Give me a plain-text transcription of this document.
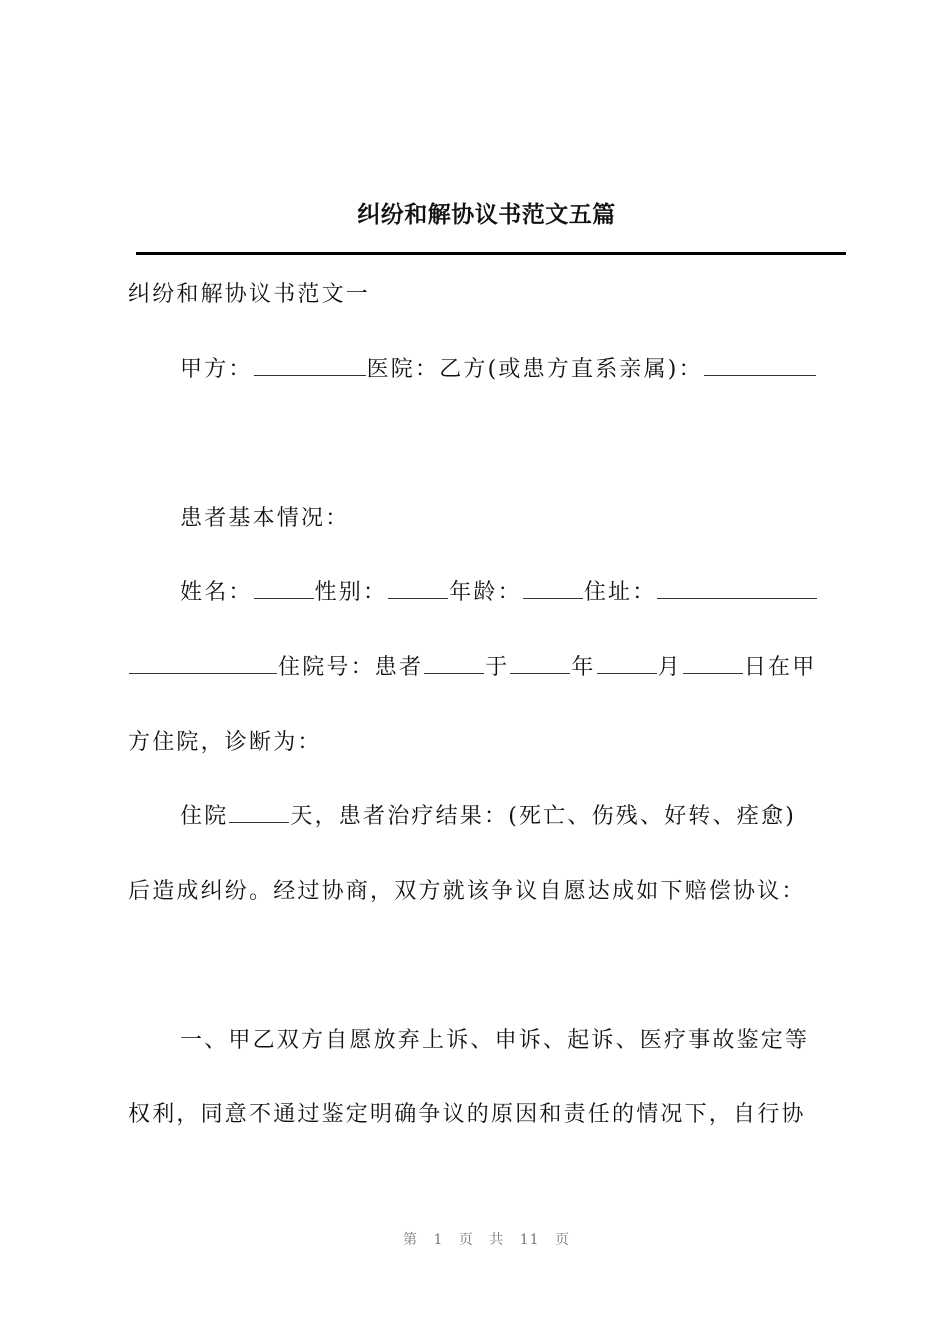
纠纷和解协议书范文五篇
纠纷和解协议书范文一
甲方：	医院：乙方(或患方直系亲属)：
患者基本情况：
姓名：	性别：	年龄：	住址：
住院号：患者	于	年	月	日在甲
方住院，诊断为：
住院	天，患者治疗结果：(死亡、伤残、好转、痊愈)
后造成纠纷。经过协商，双方就该争议自愿达成如下赔偿协议：
一、甲乙双方自愿放弃上诉、申诉、起诉、医疗事故鉴定等
权利，同意不通过鉴定明确争议的原因和责任的情况下，自行协
第 1 页 共 11 页
